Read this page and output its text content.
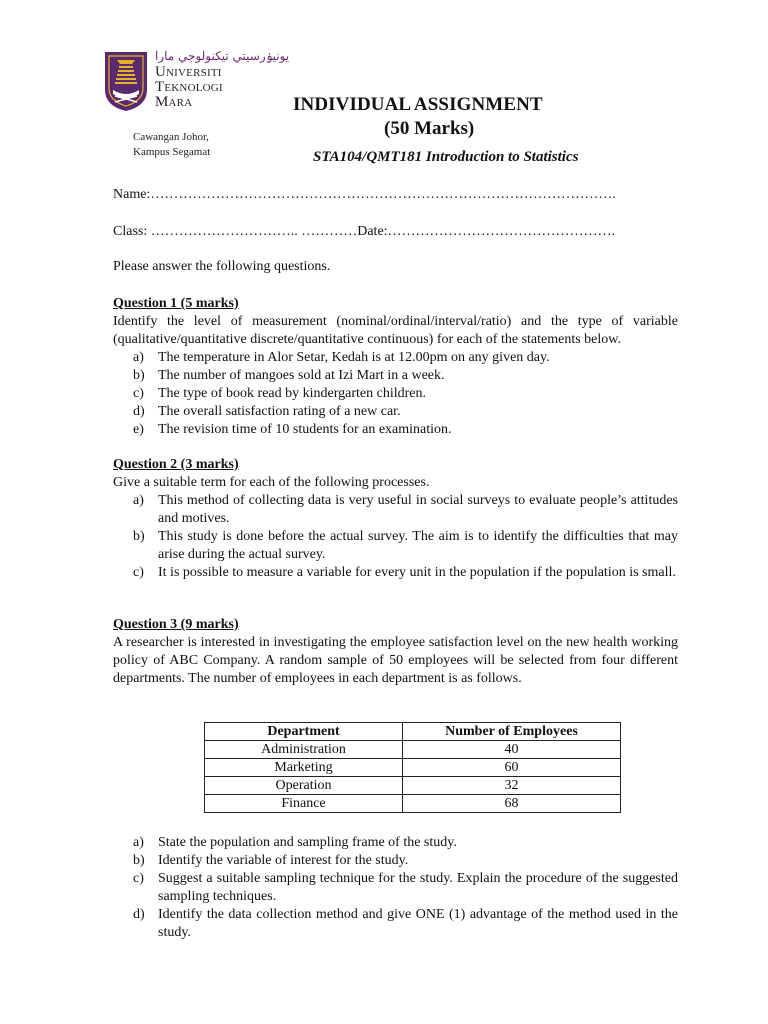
يونيۏرسيتي تيكنولوجي مارا
Universiti
Teknologi
Mara
Cawangan Johor,
Kampus Segamat
INDIVIDUAL ASSIGNMENT
(50 Marks)
STA104/QMT181 Introduction to Statistics
Name:……………………………………………………………………………………….
Class: ………………………….. …………Date:………………………………………….
Please answer the following questions.
Question 1 (5 marks)
Identify the level of measurement (nominal/ordinal/interval/ratio) and the type of variable (qualitative/quantitative discrete/quantitative continuous) for each of the statements below.
a) The temperature in Alor Setar, Kedah is at 12.00pm on any given day.
b) The number of mangoes sold at Izi Mart in a week.
c) The type of book read by kindergarten children.
d) The overall satisfaction rating of a new car.
e) The revision time of 10 students for an examination.
Question 2 (3 marks)
Give a suitable term for each of the following processes.
a) This method of collecting data is very useful in social surveys to evaluate people’s attitudes and motives.
b) This study is done before the actual survey. The aim is to identify the difficulties that may arise during the actual survey.
c) It is possible to measure a variable for every unit in the population if the population is small.
Question 3 (9 marks)
A researcher is interested in investigating the employee satisfaction level on the new health working policy of ABC Company. A random sample of 50 employees will be selected from four different departments. The number of employees in each department is as follows.
Department	Number of Employees
Administration	40
Marketing	60
Operation	32
Finance	68
a) State the population and sampling frame of the study.
b) Identify the variable of interest for the study.
c) Suggest a suitable sampling technique for the study. Explain the procedure of the suggested sampling techniques.
d) Identify the data collection method and give ONE (1) advantage of the method used in the study.
